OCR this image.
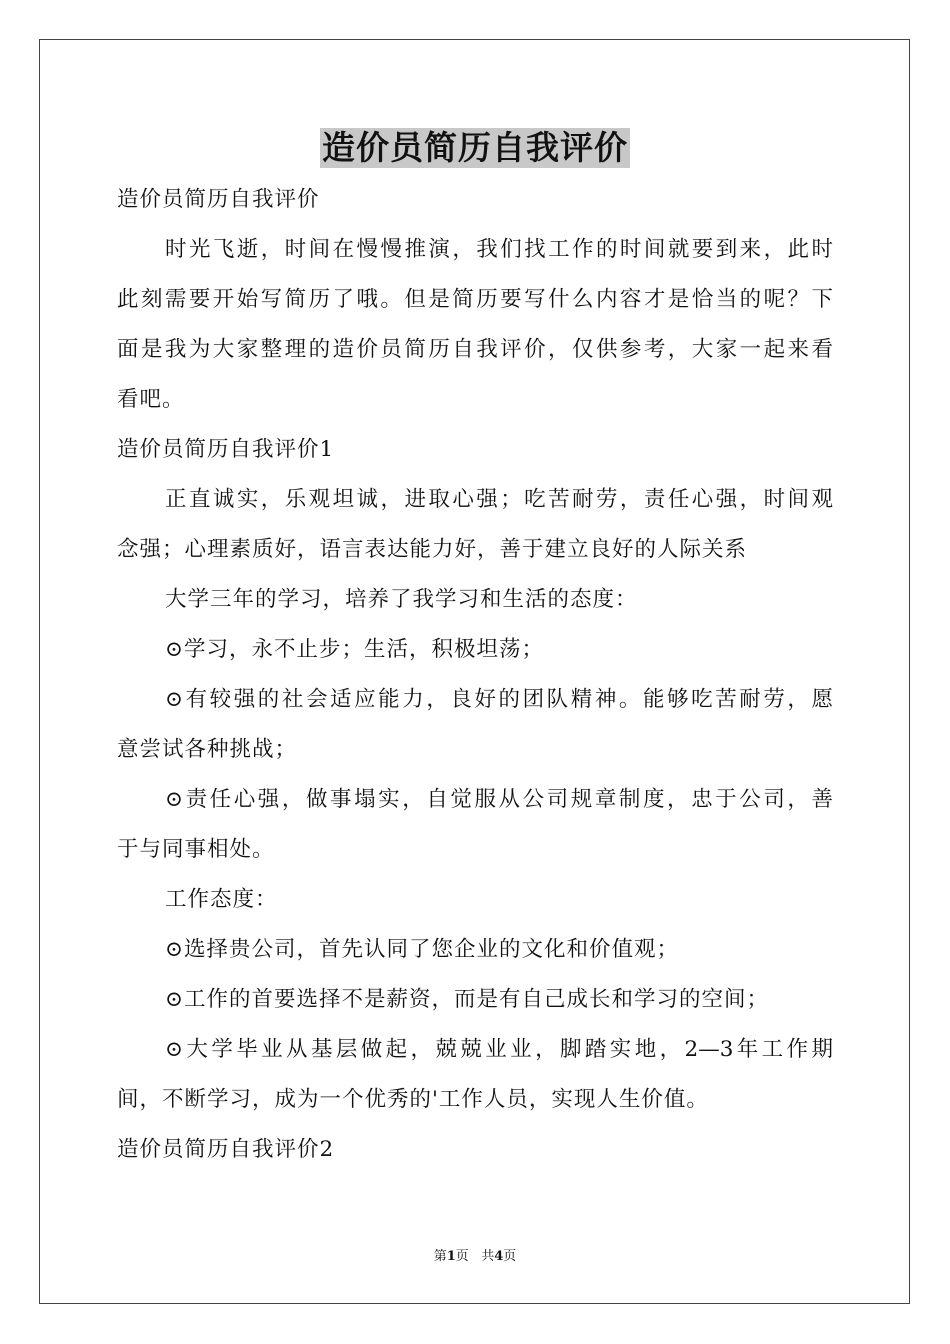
造价员简历自我评价
造价员简历自我评价
时光飞逝，时间在慢慢推演，我们找工作的时间就要到来，此时
此刻需要开始写简历了哦。但是简历要写什么内容才是恰当的呢？下
面是我为大家整理的造价员简历自我评价，仅供参考，大家一起来看
看吧。
造价员简历自我评价1
正直诚实，乐观坦诚，进取心强；吃苦耐劳，责任心强，时间观
念强；心理素质好，语言表达能力好，善于建立良好的人际关系
大学三年的学习，培养了我学习和生活的态度：
⊙学习，永不止步；生活，积极坦荡；
⊙有较强的社会适应能力，良好的团队精神。能够吃苦耐劳，愿
意尝试各种挑战；
⊙责任心强，做事塌实，自觉服从公司规章制度，忠于公司，善
于与同事相处。
工作态度：
⊙选择贵公司，首先认同了您企业的文化和价值观；
⊙工作的首要选择不是薪资，而是有自己成长和学习的空间；
⊙大学毕业从基层做起，兢兢业业，脚踏实地，2—3年工作期
间，不断学习，成为一个优秀的'工作人员，实现人生价值。
造价员简历自我评价2
第1页 共4页
